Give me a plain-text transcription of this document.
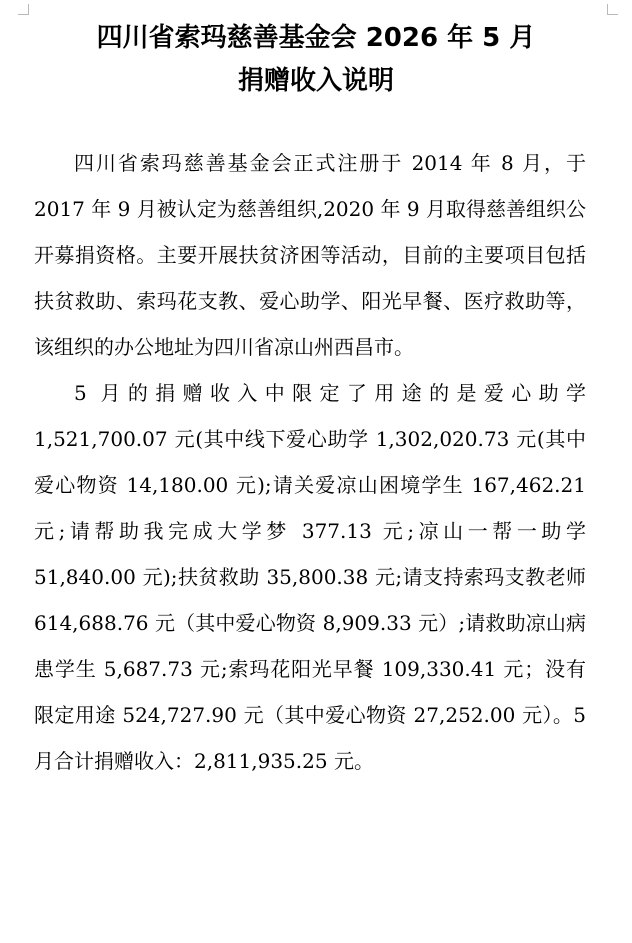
四川省索玛慈善基金会 2026 年 5 月
捐赠收入说明

四川省索玛慈善基金会正式注册于 2014 年 8 月，于 2017 年 9 月被认定为慈善组织,2020 年 9 月取得慈善组织公开募捐资格。主要开展扶贫济困等活动，目前的主要项目包括扶贫救助、索玛花支教、爱心助学、阳光早餐、医疗救助等，该组织的办公地址为四川省凉山州西昌市。

5 月的捐赠收入中限定了用途的是爱心助学 1,521,700.07 元(其中线下爱心助学 1,302,020.73 元(其中爱心物资 14,180.00 元);请关爱凉山困境学生 167,462.21 元;请帮助我完成大学梦 377.13 元;凉山一帮一助学 51,840.00 元);扶贫救助 35,800.38 元;请支持索玛支教老师 614,688.76 元（其中爱心物资 8,909.33 元）;请救助凉山病患学生 5,687.73 元;索玛花阳光早餐 109,330.41 元；没有限定用途 524,727.90 元（其中爱心物资 27,252.00 元）。5 月合计捐赠收入：2,811,935.25 元。
